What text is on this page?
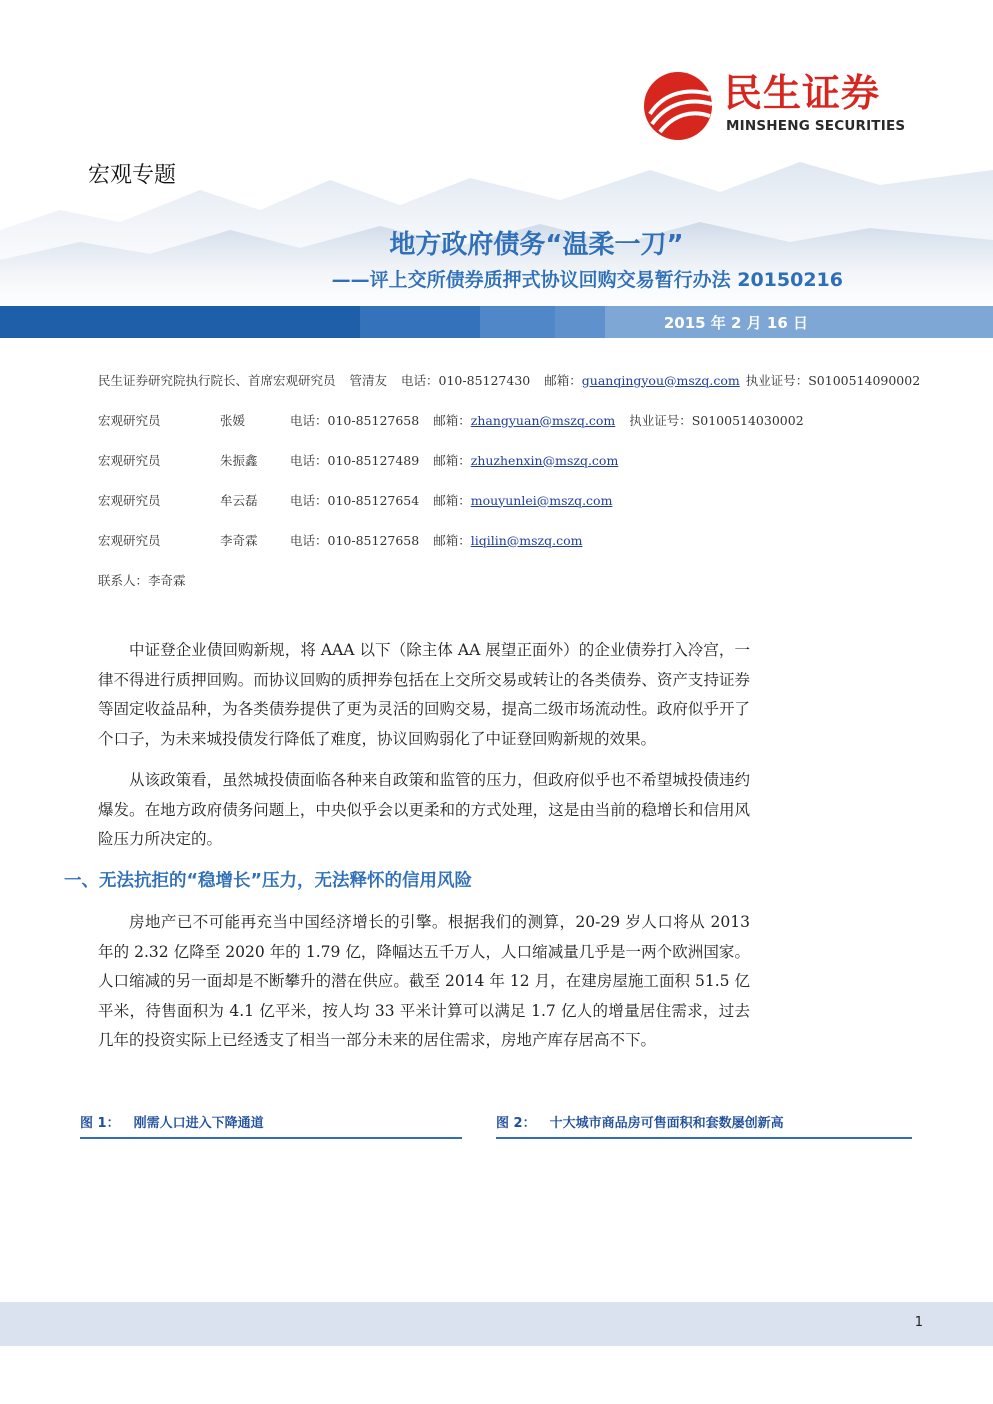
民生证券
MINSHENG SECURITIES
宏观专题
地方政府债务“温柔一刀”
——评上交所债券质押式协议回购交易暂行办法 20150216
2015 年 2 月 16 日
民生证券研究院执行院长、首席宏观研究员 管清友 电话：010-85127430 邮箱： guanqingyou@mszq.com 执业证号：S0100514090002
宏观研究员	张媛	电话：010-85127658 邮箱： zhangyuan@mszq.com 执业证号：S0100514030002
宏观研究员	朱振鑫	电话：010-85127489 邮箱： zhuzhenxin@mszq.com
宏观研究员	牟云磊	电话：010-85127654 邮箱： mouyunlei@mszq.com
宏观研究员	李奇霖	电话：010-85127658 邮箱： liqilin@mszq.com
联系人：李奇霖

中证登企业债回购新规，将 AAA 以下（除主体 AA 展望正面外）的企业债券打入冷宫，一律不得进行质押回购。而协议回购的质押券包括在上交所交易或转让的各类债券、资产支持证券等固定收益品种，为各类债券提供了更为灵活的回购交易，提高二级市场流动性。政府似乎开了个口子，为未来城投债发行降低了难度，协议回购弱化了中证登回购新规的效果。

从该政策看，虽然城投债面临各种来自政策和监管的压力，但政府似乎也不希望城投债违约爆发。在地方政府债务问题上，中央似乎会以更柔和的方式处理，这是由当前的稳增长和信用风险压力所决定的。

一、无法抗拒的“稳增长”压力，无法释怀的信用风险

房地产已不可能再充当中国经济增长的引擎。根据我们的测算，20-29 岁人口将从 2013 年的 2.32 亿降至 2020 年的 1.79 亿，降幅达五千万人，人口缩减量几乎是一两个欧洲国家。人口缩减的另一面却是不断攀升的潜在供应。截至 2014 年 12 月，在建房屋施工面积 51.5 亿平米，待售面积为 4.1 亿平米，按人均 33 平米计算可以满足 1.7 亿人的增量居住需求，过去几年的投资实际上已经透支了相当一部分未来的居住需求，房地产库存居高不下。

图 1： 刚需人口进入下降通道	图 2： 十大城市商品房可售面积和套数屡创新高
1
